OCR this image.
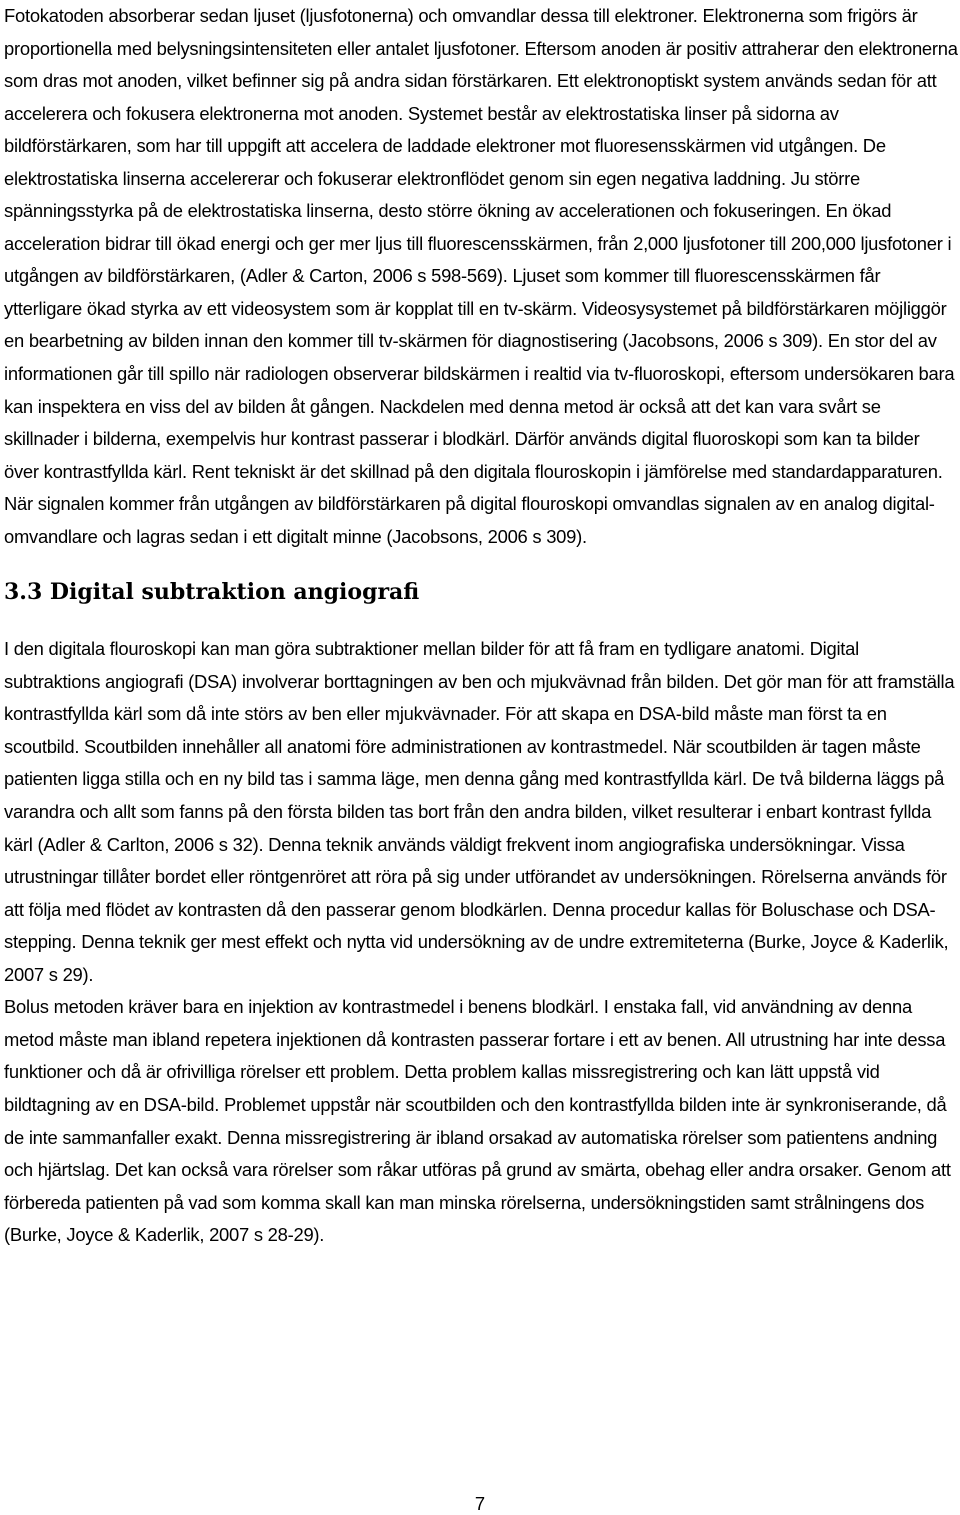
Fotokatoden absorberar sedan ljuset (ljusfotonerna) och omvandlar dessa till elektroner. Elektronerna som frigörs är proportionella med belysningsintensiteten eller antalet ljusfotoner. Eftersom anoden är positiv attraherar den elektronerna som dras mot anoden, vilket befinner sig på andra sidan förstärkaren. Ett elektronoptiskt system används sedan för att accelerera och fokusera elektronerna mot anoden. Systemet består av elektrostatiska linser på sidorna av bildförstärkaren, som har till uppgift att accelera de laddade elektroner mot fluoresensskärmen vid utgången. De elektrostatiska linserna accelererar och fokuserar elektronflödet genom sin egen negativa laddning. Ju större spänningsstyrka på de elektrostatiska linserna, desto större ökning av accelerationen och fokuseringen. En ökad acceleration bidrar till ökad energi och ger mer ljus till fluorescensskärmen, från 2,000 ljusfotoner till 200,000 ljusfotoner i utgången av bildförstärkaren, (Adler & Carton, 2006 s 598-569). Ljuset som kommer till fluorescensskärmen får ytterligare ökad styrka av ett videosystem som är kopplat till en tv-skärm. Videosysystemet på bildförstärkaren möjliggör en bearbetning av bilden innan den kommer till tv-skärmen för diagnostisering (Jacobsons, 2006 s 309). En stor del av informationen går till spillo när radiologen observerar bildskärmen i realtid via tv-fluoroskopi, eftersom undersökaren bara kan inspektera en viss del av bilden åt gången. Nackdelen med denna metod är också att det kan vara svårt se skillnader i bilderna, exempelvis hur kontrast passerar i blodkärl. Därför används digital fluoroskopi som kan ta bilder över kontrastfyllda kärl. Rent tekniskt är det skillnad på den digitala flouroskopin i jämförelse med standardapparaturen. När signalen kommer från utgången av bildförstärkaren på digital flouroskopi omvandlas signalen av en analog digital-omvandlare och lagras sedan i ett digitalt minne (Jacobsons, 2006 s 309).

3.3 Digital subtraktion angiografi

I den digitala flouroskopi kan man göra subtraktioner mellan bilder för att få fram en tydligare anatomi. Digital subtraktions angiografi (DSA) involverar borttagningen av ben och mjukvävnad från bilden. Det gör man för att framställa kontrastfyllda kärl som då inte störs av ben eller mjukvävnader. För att skapa en DSA-bild måste man först ta en scoutbild. Scoutbilden innehåller all anatomi före administrationen av kontrastmedel. När scoutbilden är tagen måste patienten ligga stilla och en ny bild tas i samma läge, men denna gång med kontrastfyllda kärl. De två bilderna läggs på varandra och allt som fanns på den första bilden tas bort från den andra bilden, vilket resulterar i enbart kontrast fyllda kärl (Adler & Carlton, 2006 s 32). Denna teknik används väldigt frekvent inom angiografiska undersökningar. Vissa utrustningar tillåter bordet eller röntgenröret att röra på sig under utförandet av undersökningen. Rörelserna används för att följa med flödet av kontrasten då den passerar genom blodkärlen. Denna procedur kallas för Boluschase och DSA-stepping. Denna teknik ger mest effekt och nytta vid undersökning av de undre extremiteterna (Burke, Joyce & Kaderlik, 2007 s 29).

Bolus metoden kräver bara en injektion av kontrastmedel i benens blodkärl. I enstaka fall, vid användning av denna metod måste man ibland repetera injektionen då kontrasten passerar fortare i ett av benen. All utrustning har inte dessa funktioner och då är ofrivilliga rörelser ett problem. Detta problem kallas missregistrering och kan lätt uppstå vid bildtagning av en DSA-bild. Problemet uppstår när scoutbilden och den kontrastfyllda bilden inte är synkroniserande, då de inte sammanfaller exakt. Denna missregistrering är ibland orsakad av automatiska rörelser som patientens andning och hjärtslag. Det kan också vara rörelser som råkar utföras på grund av smärta, obehag eller andra orsaker. Genom att förbereda patienten på vad som komma skall kan man minska rörelserna, undersökningstiden samt strålningens dos (Burke, Joyce & Kaderlik, 2007 s 28-29).

7
